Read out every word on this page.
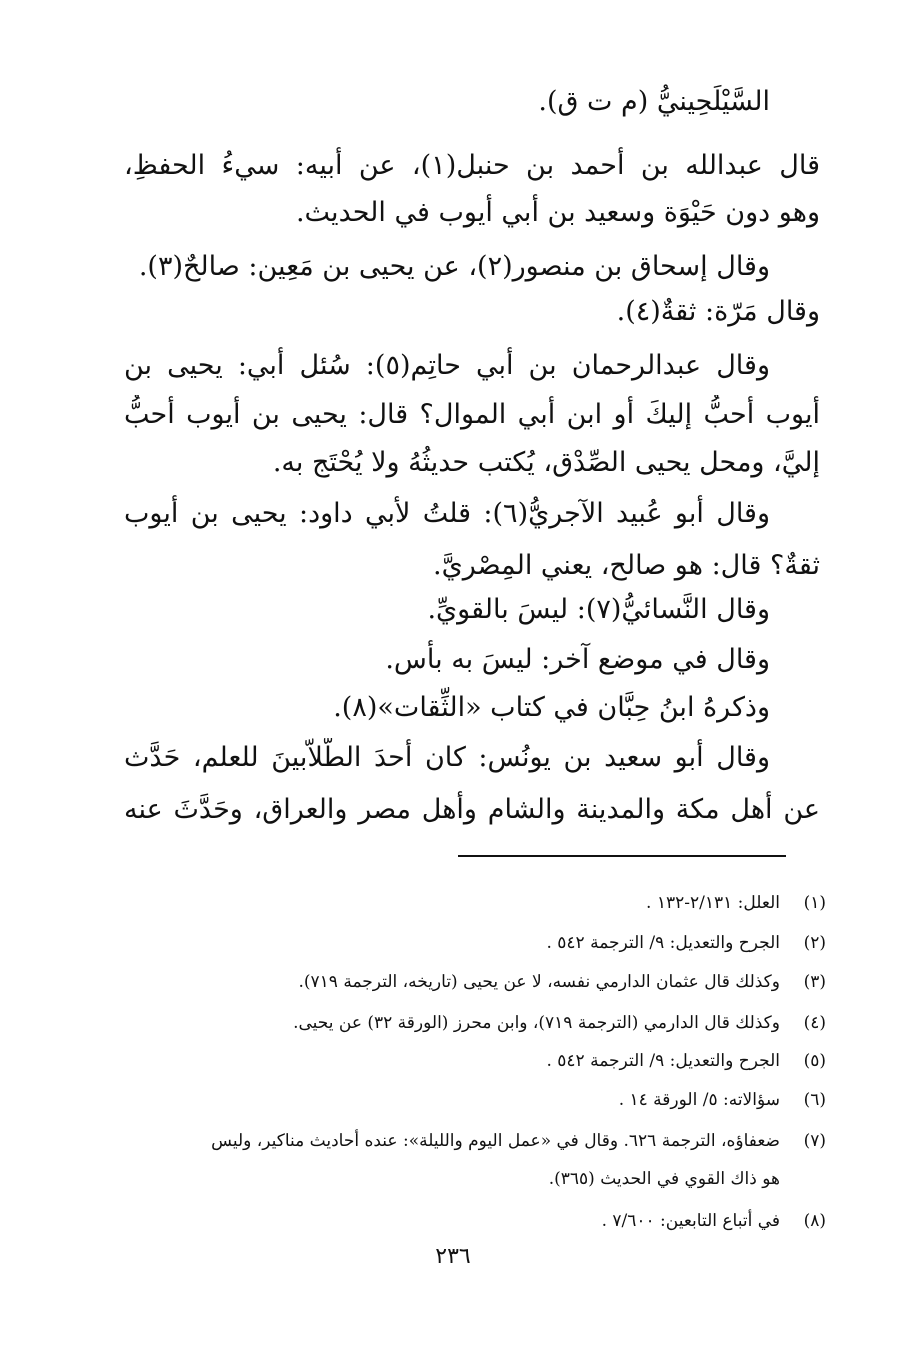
السَّيْلَحِينيُّ (م ت ق).
قال عبدالله بن أحمد بن حنبل(١)، عن أبيه: سيءُ الحفظِ،
وهو دون حَيْوَة وسعيد بن أبي أيوب في الحديث.
وقال إسحاق بن منصور(٢)، عن يحيى بن مَعِين: صالحٌ(٣).
وقال مَرّة: ثقةٌ(٤).
وقال عبدالرحمان بن أبي حاتِم(٥): سُئل أبي: يحيى بن
أيوب أحبُّ إليكَ أو ابن أبي الموال؟ قال: يحيى بن أيوب أحبُّ
إليَّ، ومحل يحيى الصِّدْق، يُكتب حديثُهُ ولا يُحْتَج به.
وقال أبو عُبيد الآجريُّ(٦): قلتُ لأبي داود: يحيى بن أيوب
ثقةٌ؟ قال: هو صالح، يعني المِصْريَّ.
وقال النَّسائيُّ(٧): ليسَ بالقويِّ.
وقال في موضع آخر: ليسَ به بأس.
وذكرهُ ابنُ حِبَّان في كتاب «الثِّقات»(٨).
وقال أبو سعيد بن يونُس: كان أحدَ الطَّلاّبينَ للعلم، حَدَّث
عن أهل مكة والمدينة والشام وأهل مصر والعراق، وحَدَّثَ عنه
(١)
العلل: ٢/١٣١-١٣٢ .
(٢)
الجرح والتعديل: ٩/ الترجمة ٥٤٢ .
(٣)
وكذلك قال عثمان الدارمي نفسه، لا عن يحيى (تاريخه، الترجمة ٧١٩).
(٤)
وكذلك قال الدارمي (الترجمة ٧١٩)، وابن محرز (الورقة ٣٢) عن يحيى.
(٥)
الجرح والتعديل: ٩/ الترجمة ٥٤٢ .
(٦)
سؤالاته: ٥/ الورقة ١٤ .
(٧)
ضعفاؤه، الترجمة ٦٢٦. وقال في «عمل اليوم والليلة»: عنده أحاديث مناكير، وليس
هو ذاك القوي في الحديث (٣٦٥).
(٨)
في أتباع التابعين: ٧/٦٠٠ .
٢٣٦
